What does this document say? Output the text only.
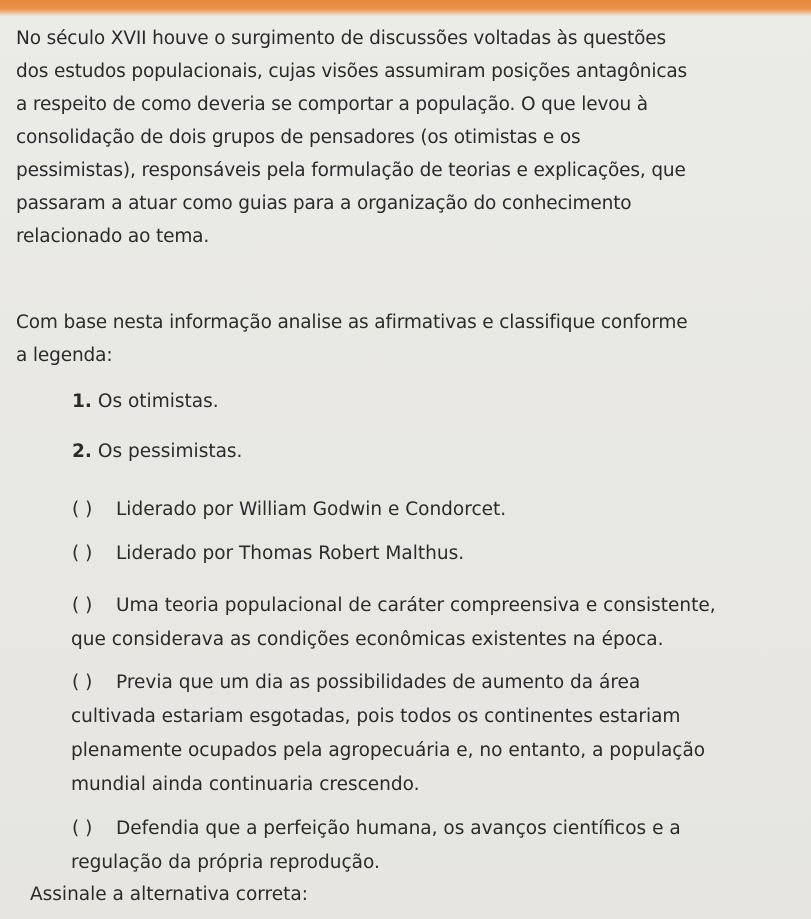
No século XVII houve o surgimento de discussões voltadas às questões
dos estudos populacionais, cujas visões assumiram posições antagônicas
a respeito de como deveria se comportar a população. O que levou à
consolidação de dois grupos de pensadores (os otimistas e os
pessimistas), responsáveis pela formulação de teorias e explicações, que
passaram a atuar como guias para a organização do conhecimento
relacionado ao tema.
Com base nesta informação analise as afirmativas e classifique conforme
a legenda:
1. Os otimistas.
2. Os pessimistas.
( ) Liderado por William Godwin e Condorcet.
( ) Liderado por Thomas Robert Malthus.
( ) Uma teoria populacional de caráter compreensiva e consistente,
que considerava as condições econômicas existentes na época.
( ) Previa que um dia as possibilidades de aumento da área
cultivada estariam esgotadas, pois todos os continentes estariam
plenamente ocupados pela agropecuária e, no entanto, a população
mundial ainda continuaria crescendo.
( ) Defendia que a perfeição humana, os avanços científicos e a
regulação da própria reprodução.
Assinale a alternativa correta:
